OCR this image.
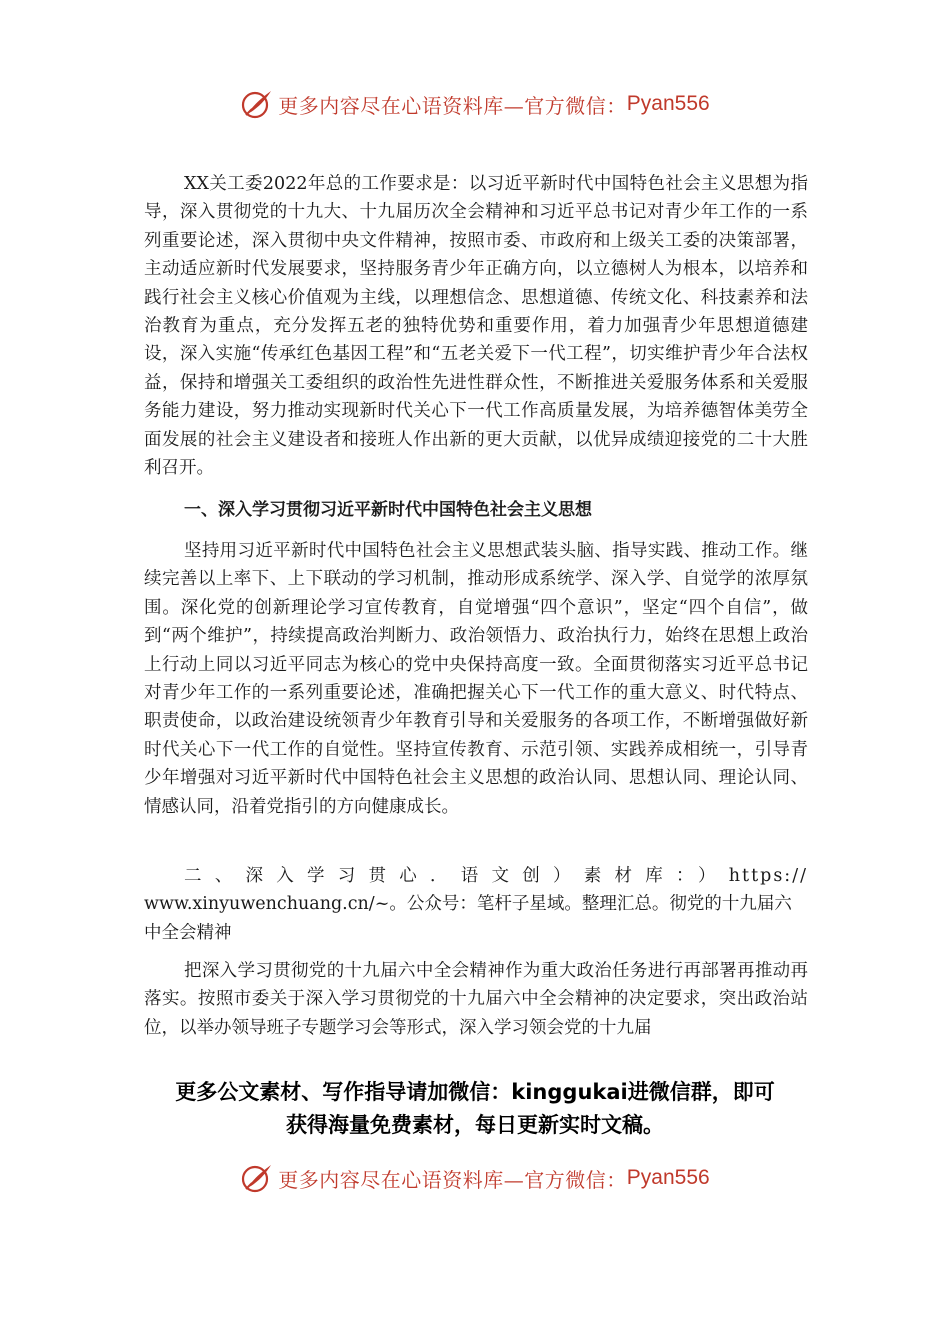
更多内容尽在心语资料库—官方微信： Pyan556

XX关工委2022年总的工作要求是：以习近平新时代中国特色社会主义思想为指导，深入贯彻党的十九大、十九届历次全会精神和习近平总书记对青少年工作的一系列重要论述，深入贯彻中央文件精神，按照市委、市政府和上级关工委的决策部署，主动适应新时代发展要求，坚持服务青少年正确方向，以立德树人为根本，以培养和践行社会主义核心价值观为主线，以理想信念、思想道德、传统文化、科技素养和法治教育为重点，充分发挥五老的独特优势和重要作用，着力加强青少年思想道德建设，深入实施“传承红色基因工程”和“五老关爱下一代工程”，切实维护青少年合法权益，保持和增强关工委组织的政治性先进性群众性，不断推进关爱服务体系和关爱服务能力建设，努力推动实现新时代关心下一代工作高质量发展，为培养德智体美劳全面发展的社会主义建设者和接班人作出新的更大贡献，以优异成绩迎接党的二十大胜利召开。

一、深入学习贯彻习近平新时代中国特色社会主义思想

坚持用习近平新时代中国特色社会主义思想武装头脑、指导实践、推动工作。继续完善以上率下、上下联动的学习机制，推动形成系统学、深入学、自觉学的浓厚氛围。深化党的创新理论学习宣传教育，自觉增强“四个意识”，坚定“四个自信”，做到“两个维护”，持续提高政治判断力、政治领悟力、政治执行力，始终在思想上政治上行动上同以习近平同志为核心的党中央保持高度一致。全面贯彻落实习近平总书记对青少年工作的一系列重要论述，准确把握关心下一代工作的重大意义、时代特点、职责使命，以政治建设统领青少年教育引导和关爱服务的各项工作，不断增强做好新时代关心下一代工作的自觉性。坚持宣传教育、示范引领、实践养成相统一，引导青少年增强对习近平新时代中国特色社会主义思想的政治认同、思想认同、理论认同、情感认同，沿着党指引的方向健康成长。

二、深入学习贯心．语文创）素材库：）https://
www.xinyuwenchuang.cn/~。公众号：笔杆子星域。整理汇总。彻党的十九届六中全会精神

把深入学习贯彻党的十九届六中全会精神作为重大政治任务进行再部署再推动再落实。按照市委关于深入学习贯彻党的十九届六中全会精神的决定要求，突出政治站位，以举办领导班子专题学习会等形式，深入学习领会党的十九届

更多公文素材、写作指导请加微信：kinggukai进微信群，即可
获得海量免费素材，每日更新实时文稿。
更多内容尽在心语资料库—官方微信： Pyan556
